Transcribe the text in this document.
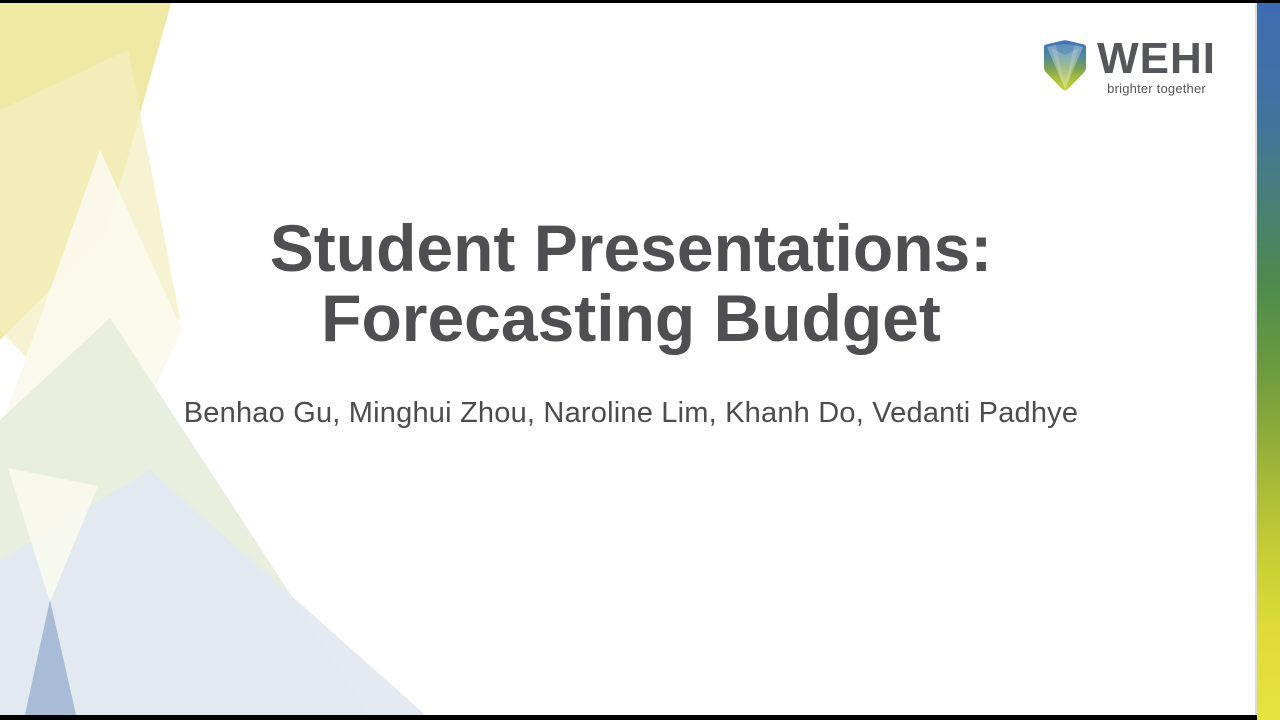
WEHI
brighter together
Student Presentations:
Forecasting Budget
Benhao Gu, Minghui Zhou, Naroline Lim, Khanh Do, Vedanti Padhye
